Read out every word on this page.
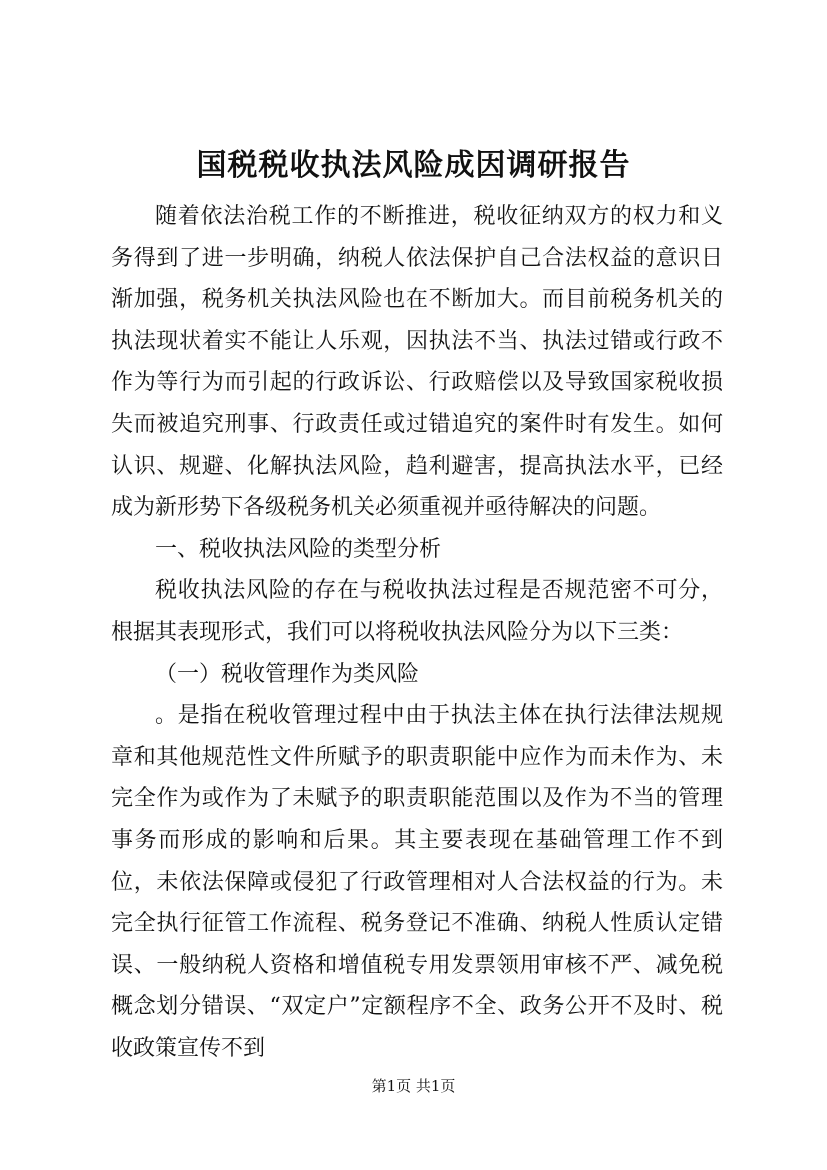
国税税收执法风险成因调研报告

随着依法治税工作的不断推进，税收征纳双方的权力和义务得到了进一步明确，纳税人依法保护自己合法权益的意识日渐加强，税务机关执法风险也在不断加大。而目前税务机关的执法现状着实不能让人乐观，因执法不当、执法过错或行政不作为等行为而引起的行政诉讼、行政赔偿以及导致国家税收损失而被追究刑事、行政责任或过错追究的案件时有发生。如何认识、规避、化解执法风险，趋利避害，提高执法水平，已经成为新形势下各级税务机关必须重视并亟待解决的问题。

一、税收执法风险的类型分析

税收执法风险的存在与税收执法过程是否规范密不可分，根据其表现形式，我们可以将税收执法风险分为以下三类：

（一）税收管理作为类风险

。是指在税收管理过程中由于执法主体在执行法律法规规章和其他规范性文件所赋予的职责职能中应作为而未作为、未完全作为或作为了未赋予的职责职能范围以及作为不当的管理事务而形成的影响和后果。其主要表现在基础管理工作不到位，未依法保障或侵犯了行政管理相对人合法权益的行为。未完全执行征管工作流程、税务登记不准确、纳税人性质认定错误、一般纳税人资格和增值税专用发票领用审核不严、减免税概念划分错误、“双定户”定额程序不全、政务公开不及时、税收政策宣传不到

第1页 共1页
